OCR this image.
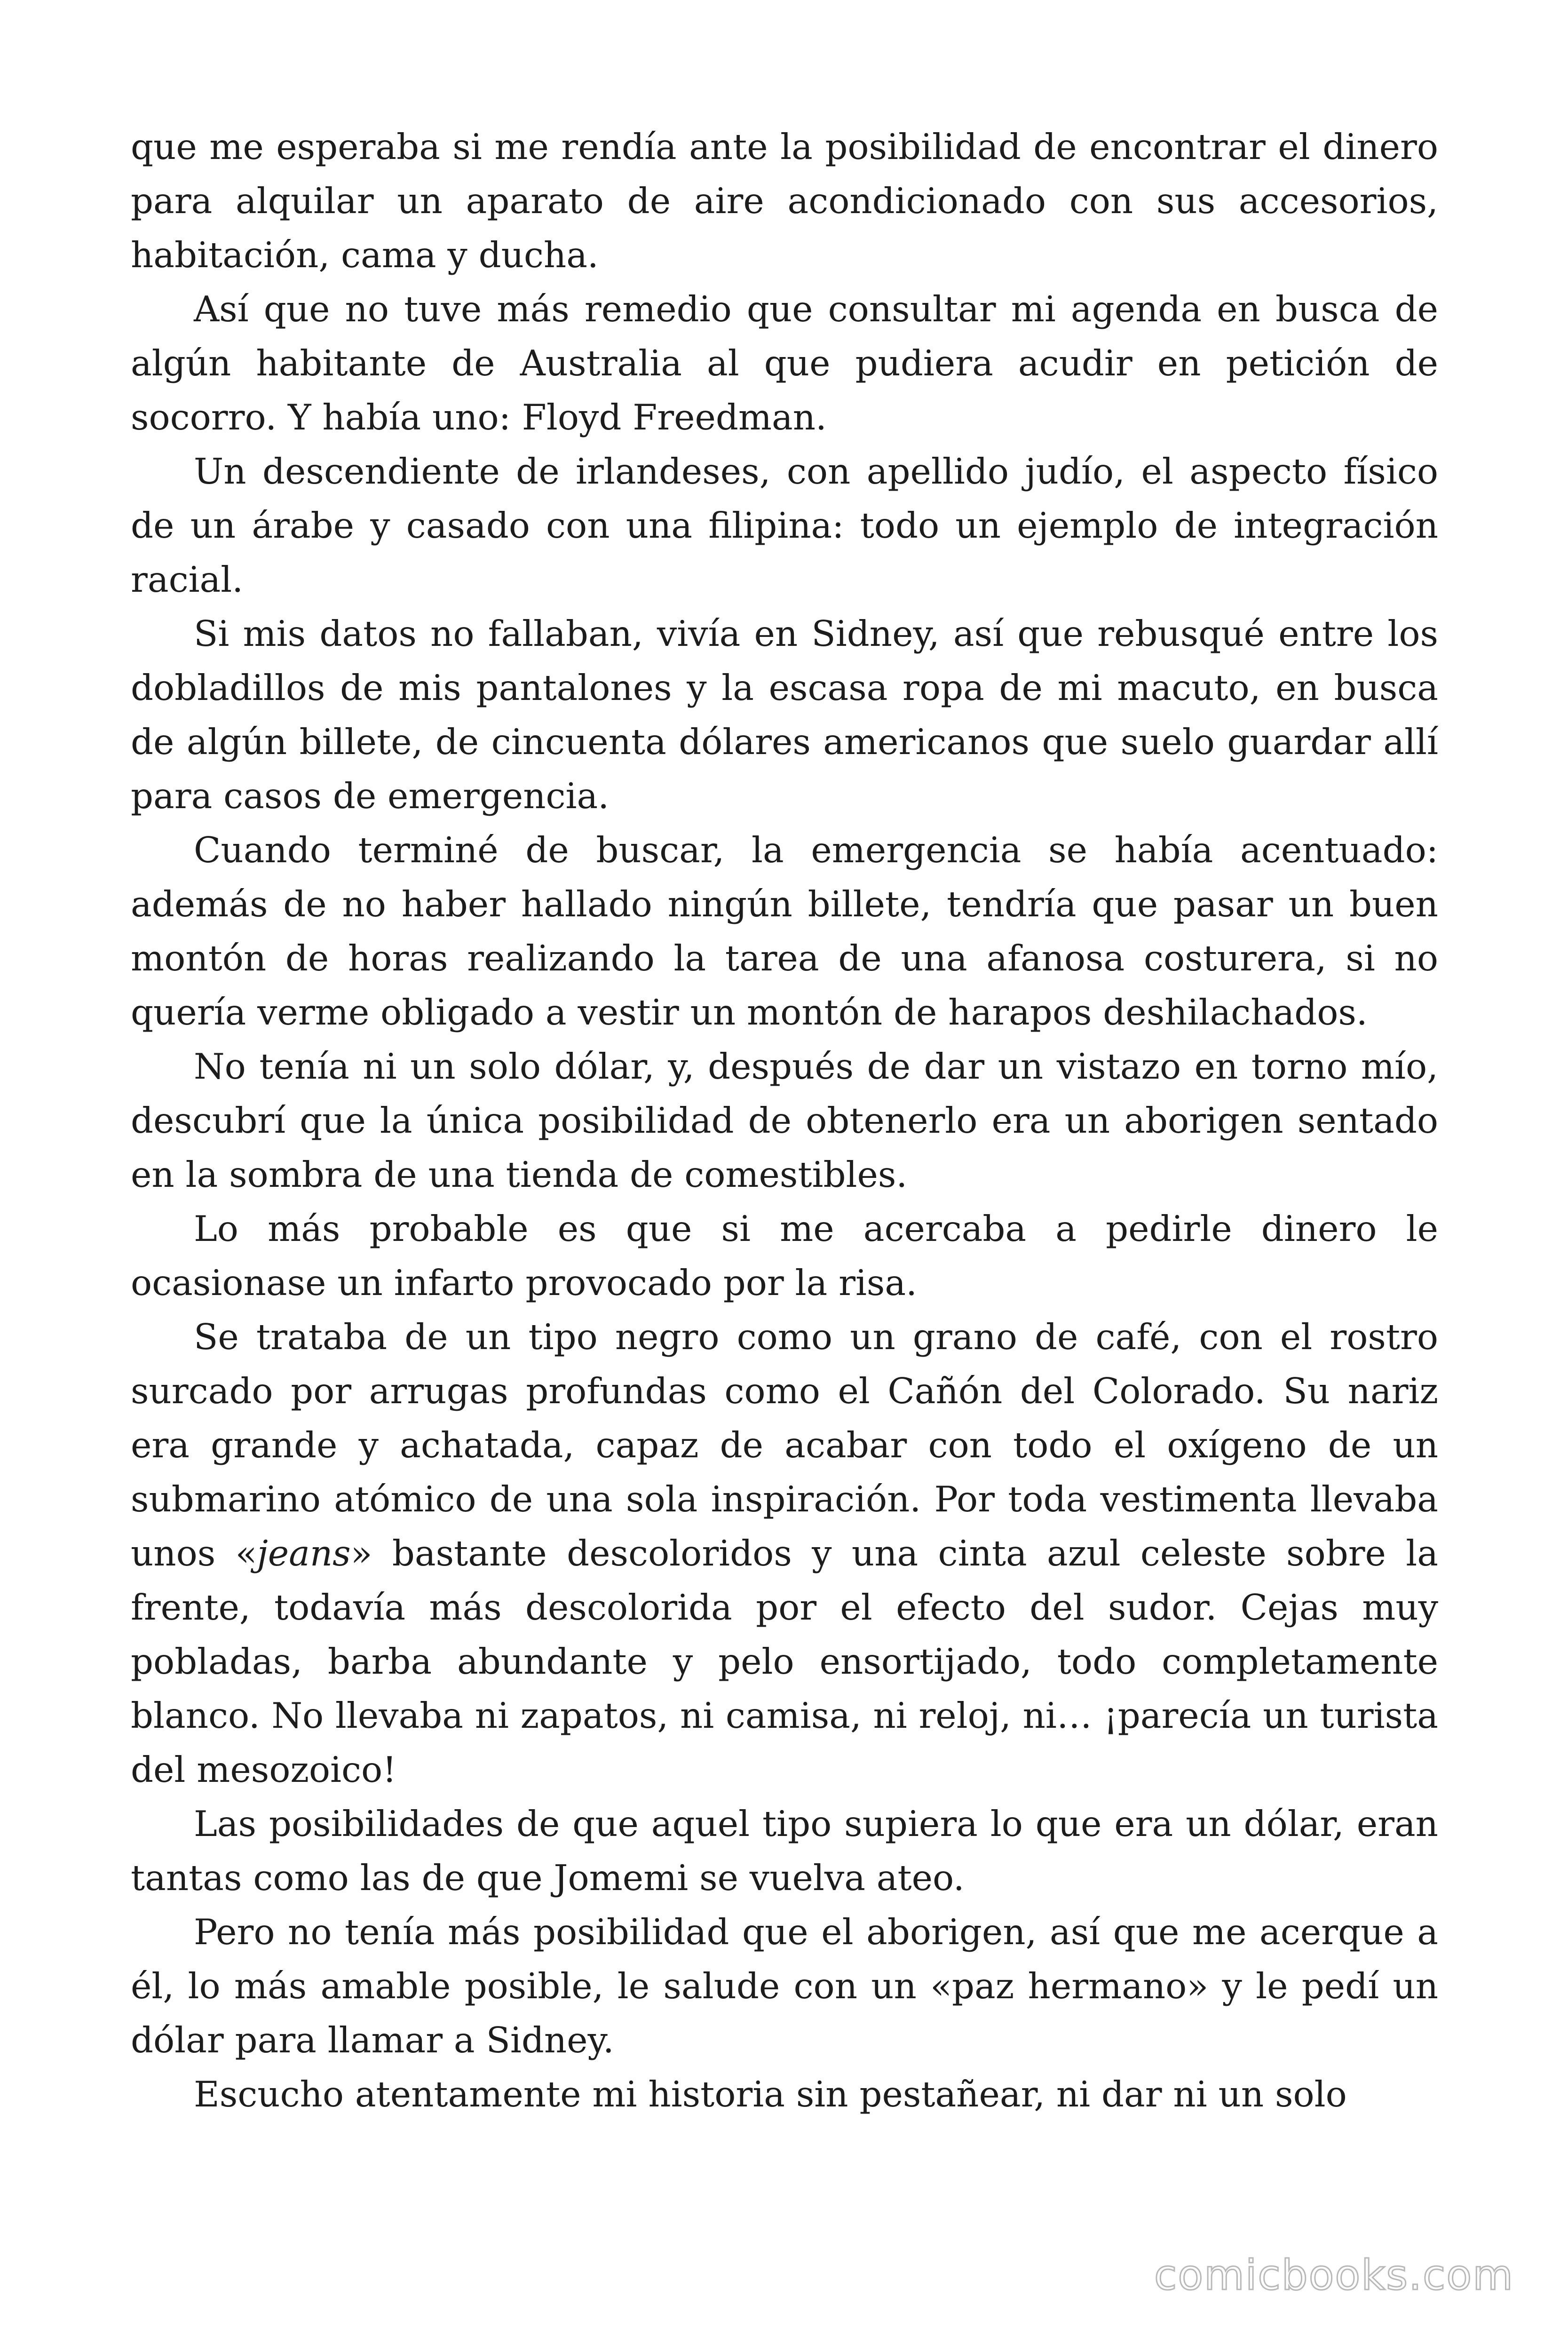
que me esperaba si me rendía ante la posibilidad de encontrar el dinero para alquilar un aparato de aire acondicionado con sus accesorios, habitación, cama y ducha.

Así que no tuve más remedio que consultar mi agenda en busca de algún habitante de Australia al que pudiera acudir en petición de socorro. Y había uno: Floyd Freedman.

Un descendiente de irlandeses, con apellido judío, el aspecto físico de un árabe y casado con una filipina: todo un ejemplo de integración racial.

Si mis datos no fallaban, vivía en Sidney, así que rebusqué entre los dobladillos de mis pantalones y la escasa ropa de mi macuto, en busca de algún billete, de cincuenta dólares americanos que suelo guardar allí para casos de emergencia.

Cuando terminé de buscar, la emergencia se había acentuado: además de no haber hallado ningún billete, tendría que pasar un buen montón de horas realizando la tarea de una afanosa costurera, si no quería verme obligado a vestir un montón de harapos deshilachados.

No tenía ni un solo dólar, y, después de dar un vistazo en torno mío, descubrí que la única posibilidad de obtenerlo era un aborigen sentado en la sombra de una tienda de comestibles.

Lo más probable es que si me acercaba a pedirle dinero le ocasionase un infarto provocado por la risa.

Se trataba de un tipo negro como un grano de café, con el rostro surcado por arrugas profundas como el Cañón del Colorado. Su nariz era grande y achatada, capaz de acabar con todo el oxígeno de un submarino atómico de una sola inspiración. Por toda vestimenta llevaba unos «jeans» bastante descoloridos y una cinta azul celeste sobre la frente, todavía más descolorida por el efecto del sudor. Cejas muy pobladas, barba abundante y pelo ensortijado, todo completamente blanco. No llevaba ni zapatos, ni camisa, ni reloj, ni… ¡parecía un turista del mesozoico!

Las posibilidades de que aquel tipo supiera lo que era un dólar, eran tantas como las de que Jomemi se vuelva ateo.

Pero no tenía más posibilidad que el aborigen, así que me acerque a él, lo más amable posible, le salude con un «paz hermano» y le pedí un dólar para llamar a Sidney.

Escucho atentamente mi historia sin pestañear, ni dar ni un solo

comicbooks.com
